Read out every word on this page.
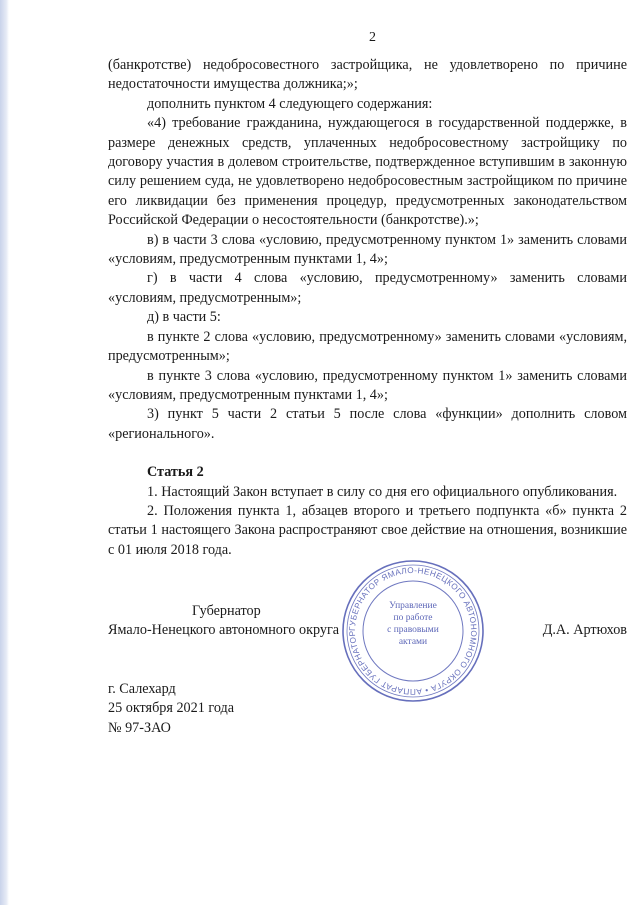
2

(банкротстве) недобросовестного застройщика, не удовлетворено по причине недостаточности имущества должника;»;

дополнить пунктом 4 следующего содержания:

«4) требование гражданина, нуждающегося в государственной поддержке, в размере денежных средств, уплаченных недобросовестному застройщику по договору участия в долевом строительстве, подтвержденное вступившим в законную силу решением суда, не удовлетворено недобросовестным застройщиком по причине его ликвидации без применения процедур, предусмотренных законодательством Российской Федерации о несостоятельности (банкротстве).»;

в) в части 3 слова «условию, предусмотренному пунктом 1» заменить словами «условиям, предусмотренным пунктами 1, 4»;

г) в части 4 слова «условию, предусмотренному» заменить словами «условиям, предусмотренным»;

д) в части 5:

в пункте 2 слова «условию, предусмотренному» заменить словами «условиям, предусмотренным»;

в пункте 3 слова «условию, предусмотренному пунктом 1» заменить словами «условиям, предусмотренным пунктами 1, 4»;

3) пункт 5 части 2 статьи 5 после слова «функции» дополнить словом «регионального».

Статья 2

1. Настоящий Закон вступает в силу со дня его официального опубликования.

2. Положения пункта 1, абзацев второго и третьего подпункта «б» пункта 2 статьи 1 настоящего Закона распространяют свое действие на отношения, возникшие с 01 июля 2018 года.

Губернатор
Ямало-Ненецкого автономного округа	Д.А. Артюхов
ГУБЕРНАТОР ЯМАЛО-НЕНЕЦКОГО АВТОНОМНОГО ОКРУГА • АППАРАТ ГУБЕРНАТОР
Управление
по работе
с правовыми
актами
г. Салехард
25 октября 2021 года
№ 97-ЗАО
